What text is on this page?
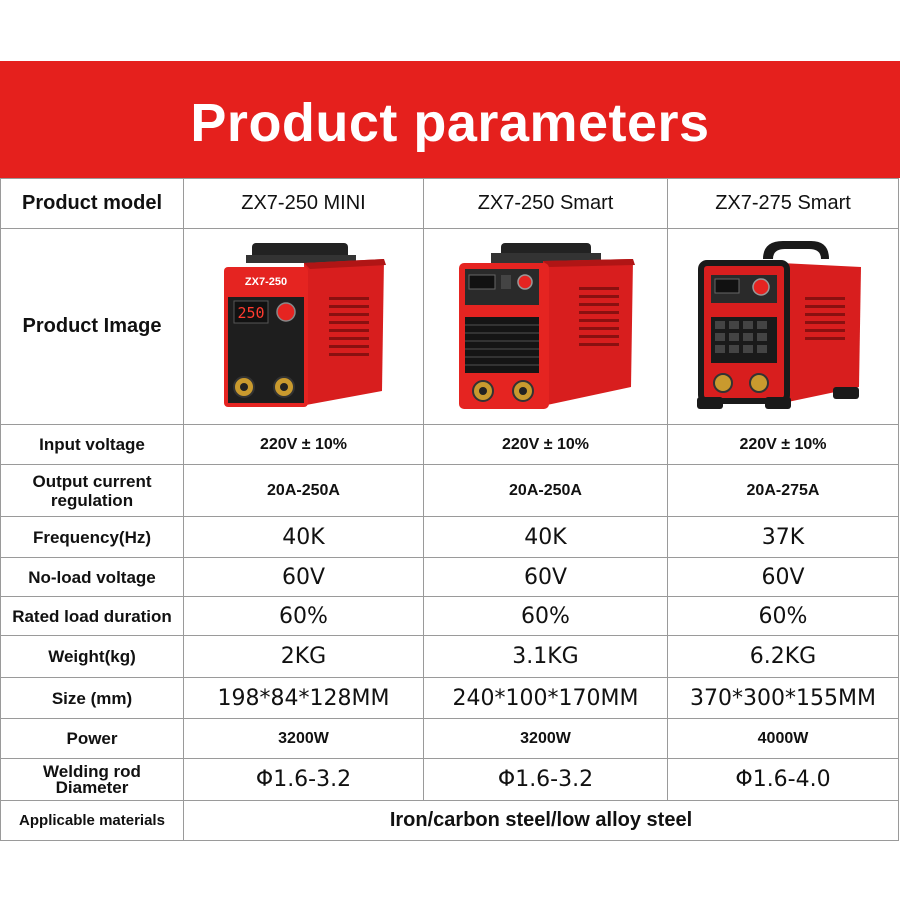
Product parameters
Product model	ZX7-250 MINI	ZX7-250 Smart	ZX7-275 Smart
Product Image	250
ZX7-250

Input voltage	220V ± 10%	220V ± 10%	220V ± 10%

Output current
regulation	20A-250A	20A-250A	20A-275A
Frequency(Hz)	40K	40K	37K
No-load voltage	60V	60V	60V
Rated load duration	60%	60%	60%
Weight(kg)	2KG	3.1KG	6.2KG
Size (mm)	198*84*128MM	240*100*170MM	370*300*155MM
Power	3200W	3200W	4000W

Welding rod
Diameter	Φ1.6-3.2	Φ1.6-3.2	Φ1.6-4.0
Applicable materials	Iron/carbon steel/low alloy steel		
